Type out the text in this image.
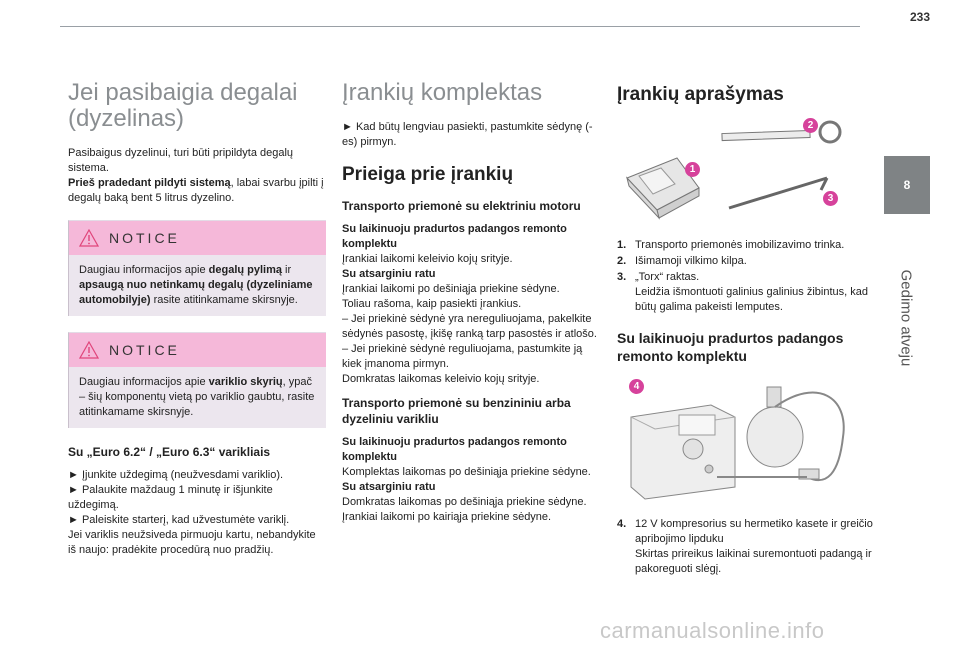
233
8
Gedimo atveju
Jei pasibaigia degalai (dyzelinas)

Pasibaigus dyzelinui, turi būti pripildyta degalų sistema.
Prieš pradedant pildyti sistemą, labai svarbu įpilti į degalų baką bent 5 litrus dyzelino.

NOTICE
Daugiau informacijos apie degalų pylimą ir apsaugą nuo netinkamų degalų (dyzeliniame automobilyje) rasite atitinkamame skirsnyje.
NOTICE
Daugiau informacijos apie variklio skyrių, ypač – šių komponentų vietą po variklio gaubtu, rasite atitinkamame skirsnyje.
Su „Euro 6.2“ / „Euro 6.3“ varikliais

► Įjunkite uždegimą (neužvesdami variklio).
► Palaukite maždaug 1 minutę ir išjunkite uždegimą.
► Paleiskite starterį, kad užvestumėte variklį.

Jei variklis neužsiveda pirmuoju kartu, nebandykite iš naujo: pradėkite procedūrą nuo pradžių.

Įrankių komplektas

► Kad būtų lengviau pasiekti, pastumkite sėdynę (-es) pirmyn.

Prieiga prie įrankių
Transporto priemonė su elektriniu motoru

Su laikinuoju pradurtos padangos remonto komplektu
Įrankiai laikomi keleivio kojų srityje.
Su atsarginiu ratu
Įrankiai laikomi po dešiniąja priekine sėdyne.
Toliau rašoma, kaip pasiekti įrankius.
– Jei priekinė sėdynė yra nereguliuojama, pakelkite sėdynės pasostę, įkišę ranką tarp pasostės ir atlošo.
– Jei priekinė sėdynė reguliuojama, pastumkite ją kiek įmanoma pirmyn.
Domkratas laikomas keleivio kojų srityje.

Transporto priemonė su benzininiu arba dyzeliniu varikliu

Su laikinuoju pradurtos padangos remonto komplektu
Komplektas laikomas po dešiniąja priekine sėdyne.
Su atsarginiu ratu
Domkratas laikomas po dešiniąja priekine sėdyne.
Įrankiai laikomi po kairiąja priekine sėdyne.

Įrankių aprašymas
1
2
3
1. Transporto priemonės imobilizavimo trinka.
2. Išimamoji vilkimo kilpa.
3. „Torx“ raktas.
Leidžia išmontuoti galinius galinius žibintus, kad būtų galima pakeisti lemputes.
Su laikinuoju pradurtos padangos remonto komplektu
4
4. 12 V kompresorius su hermetiko kasete ir greičio apribojimo lipduku
Skirtas prireikus laikinai suremontuoti padangą ir pakoreguoti slėgį.
carmanualsonline.info
